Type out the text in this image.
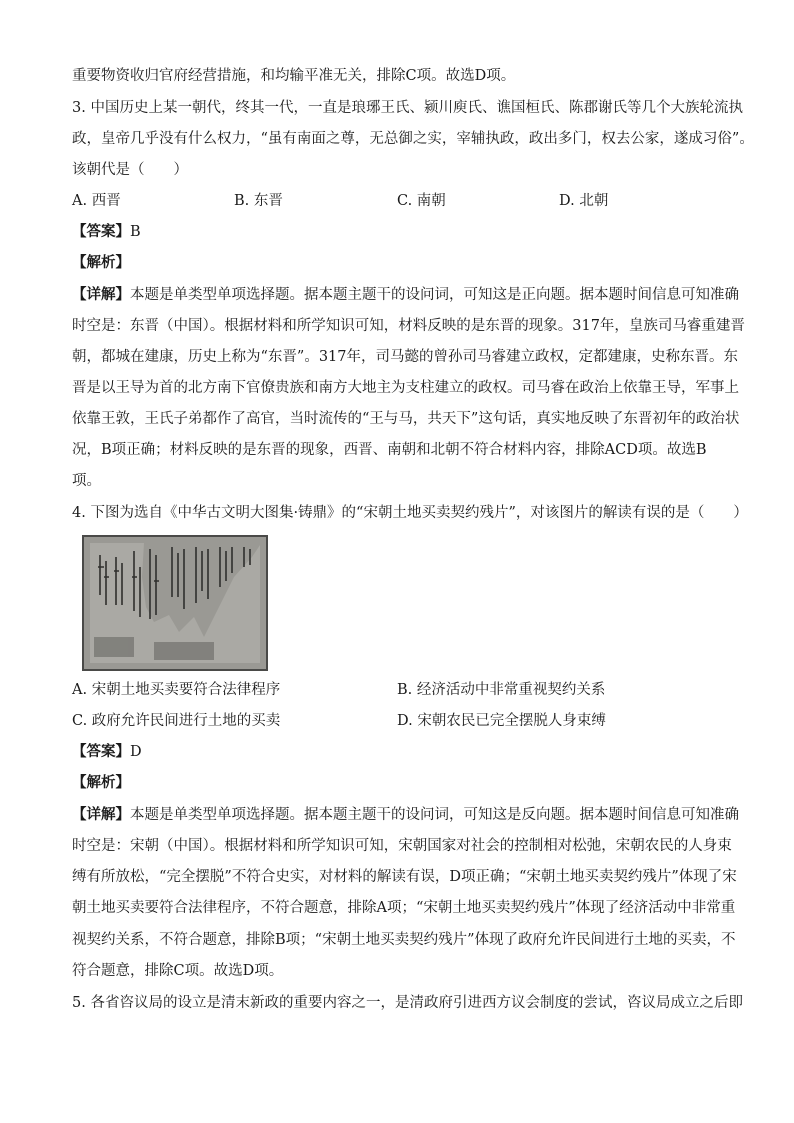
重要物资收归官府经营措施，和均输平准无关，排除C项。故选D项。
3. 中国历史上某一朝代，终其一代，一直是琅琊王氏、颍川庾氏、谯国桓氏、陈郡谢氏等几个大族轮流执
政，皇帝几乎没有什么权力，“虽有南面之尊，无总御之实，宰辅执政，政出多门，权去公家，遂成习俗”。
该朝代是（　　）
A. 西晋	B. 东晋	C. 南朝	D. 北朝
【答案】B
【解析】
【详解】本题是单类型单项选择题。据本题主题干的设问词，可知这是正向题。据本题时间信息可知准确
时空是：东晋（中国）。根据材料和所学知识可知，材料反映的是东晋的现象。317年，皇族司马睿重建晋
朝，都城在建康，历史上称为“东晋”。317年，司马懿的曾孙司马睿建立政权，定都建康，史称东晋。东
晋是以王导为首的北方南下官僚贵族和南方大地主为支柱建立的政权。司马睿在政治上依靠王导，军事上
依靠王敦，王氏子弟都作了高官，当时流传的“王与马，共天下”这句话，真实地反映了东晋初年的政治状
况，B项正确；材料反映的是东晋的现象，西晋、南朝和北朝不符合材料内容，排除ACD项。故选B
项。
4. 下图为选自《中华古文明大图集·铸鼎》的“宋朝土地买卖契约残片”，对该图片的解读有误的是（　　）
A. 宋朝土地买卖要符合法律程序	B. 经济活动中非常重视契约关系
C. 政府允许民间进行土地的买卖	D. 宋朝农民已完全摆脱人身束缚
【答案】D
【解析】
【详解】本题是单类型单项选择题。据本题主题干的设问词，可知这是反向题。据本题时间信息可知准确
时空是：宋朝（中国）。根据材料和所学知识可知，宋朝国家对社会的控制相对松弛，宋朝农民的人身束
缚有所放松，“完全摆脱”不符合史实，对材料的解读有误，D项正确；“宋朝土地买卖契约残片”体现了宋
朝土地买卖要符合法律程序，不符合题意，排除A项；“宋朝土地买卖契约残片”体现了经济活动中非常重
视契约关系，不符合题意，排除B项；“宋朝土地买卖契约残片”体现了政府允许民间进行土地的买卖，不
符合题意，排除C项。故选D项。
5. 各省咨议局的设立是清末新政的重要内容之一，是清政府引进西方议会制度的尝试，咨议局成立之后即
